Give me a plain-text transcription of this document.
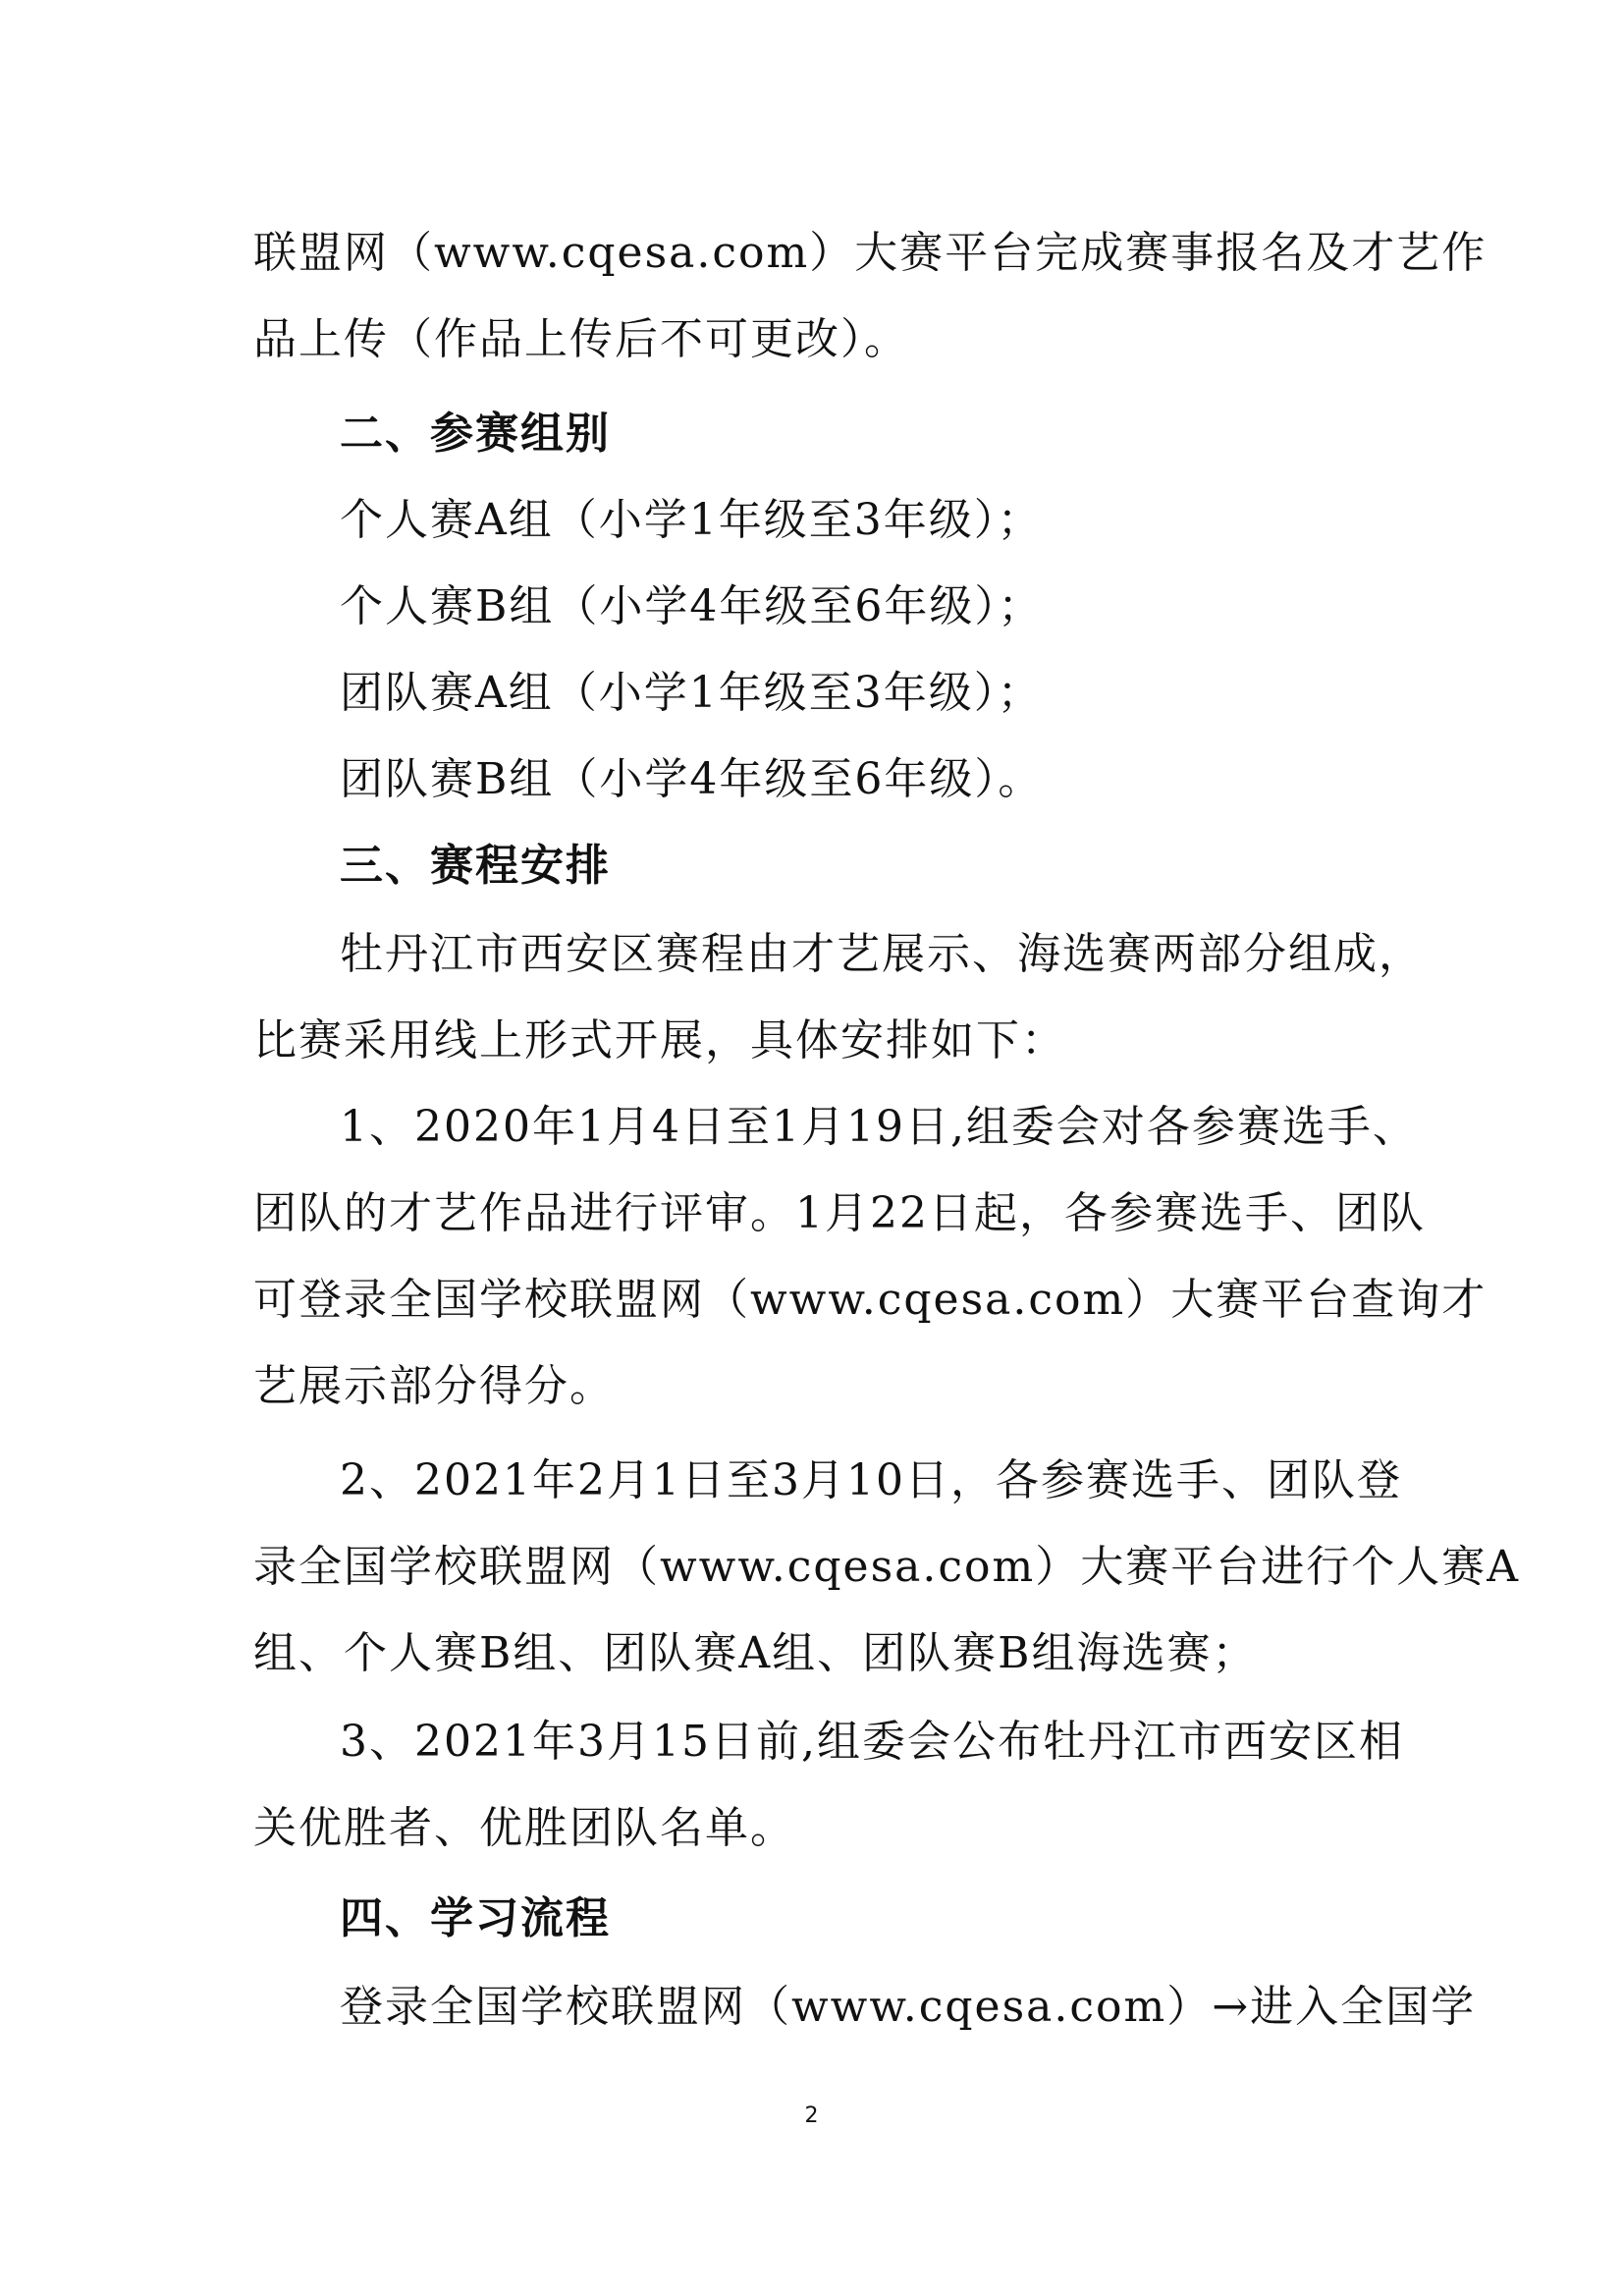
联盟网（www.cqesa.com）大赛平台完成赛事报名及才艺作
品上传（作品上传后不可更改）。
二、参赛组别
个人赛A组（小学1年级至3年级）；
个人赛B组（小学4年级至6年级）；
团队赛A组（小学1年级至3年级）；
团队赛B组（小学4年级至6年级）。
三、赛程安排
牡丹江市西安区赛程由才艺展示、海选赛两部分组成，
比赛采用线上形式开展，具体安排如下：
1、2020年1月4日至1月19日,组委会对各参赛选手、
团队的才艺作品进行评审。1月22日起，各参赛选手、团队
可登录全国学校联盟网（www.cqesa.com）大赛平台查询才
艺展示部分得分。
2、2021年2月1日至3月10日，各参赛选手、团队登
录全国学校联盟网（www.cqesa.com）大赛平台进行个人赛A
组、个人赛B组、团队赛A组、团队赛B组海选赛；
3、2021年3月15日前,组委会公布牡丹江市西安区相
关优胜者、优胜团队名单。
四、学习流程
登录全国学校联盟网（www.cqesa.com）→进入全国学
2
